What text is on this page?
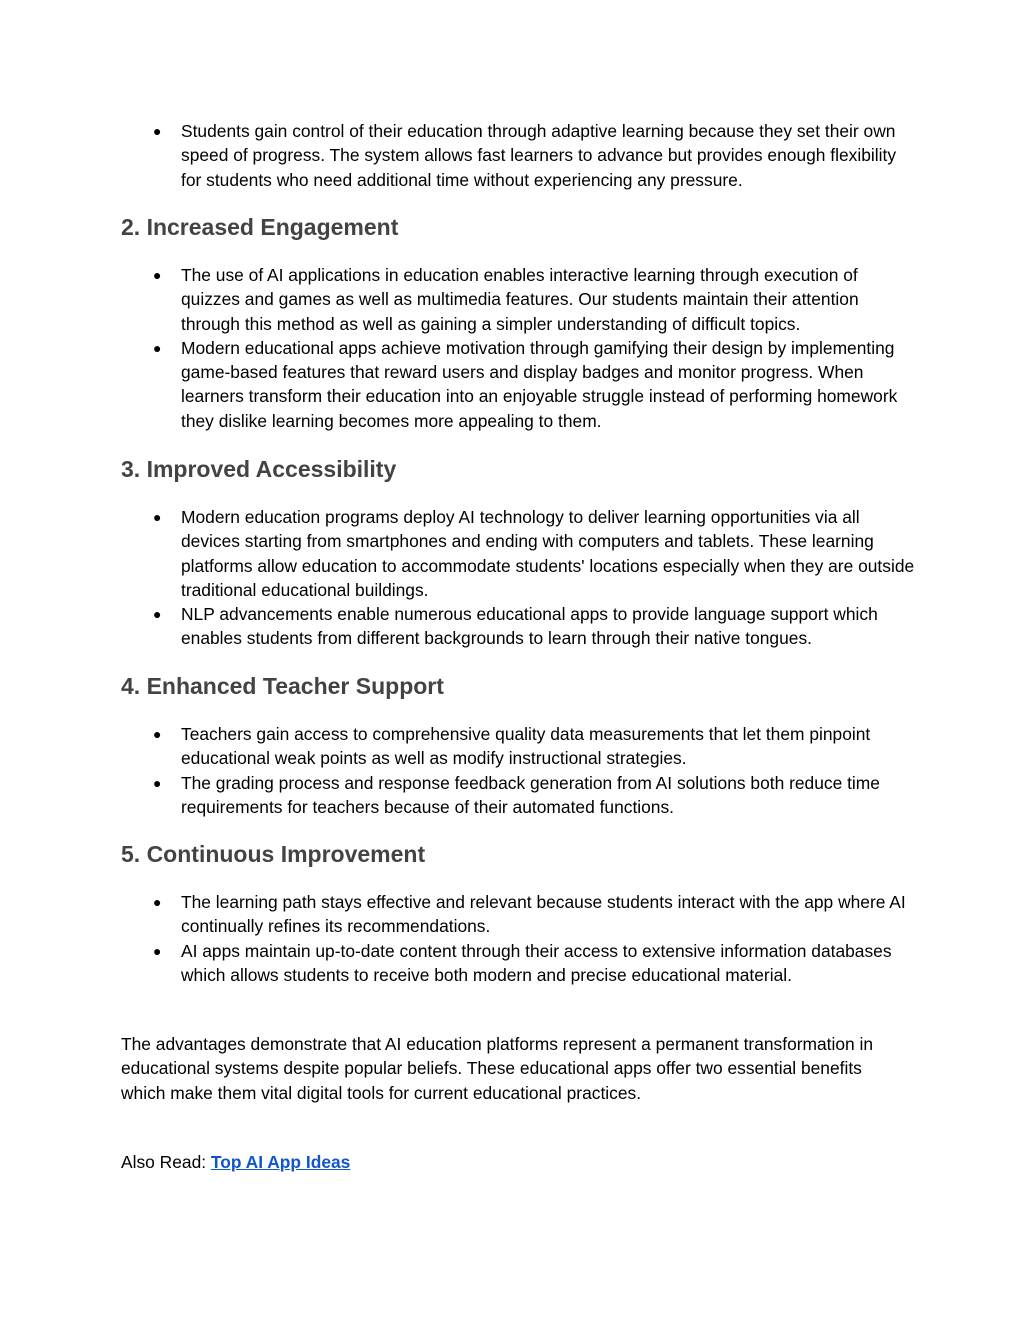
● Students gain control of their education through adaptive learning because they set their own speed of progress. The system allows fast learners to advance but provides enough flexibility for students who need additional time without experiencing any pressure.
2. Increased Engagement
● The use of AI applications in education enables interactive learning through execution of quizzes and games as well as multimedia features. Our students maintain their attention through this method as well as gaining a simpler understanding of difficult topics.
● Modern educational apps achieve motivation through gamifying their design by implementing game-based features that reward users and display badges and monitor progress. When learners transform their education into an enjoyable struggle instead of performing homework they dislike learning becomes more appealing to them.
3. Improved Accessibility
● Modern education programs deploy AI technology to deliver learning opportunities via all devices starting from smartphones and ending with computers and tablets. These learning platforms allow education to accommodate students' locations especially when they are outside traditional educational buildings.
● NLP advancements enable numerous educational apps to provide language support which enables students from different backgrounds to learn through their native tongues.
4. Enhanced Teacher Support
● Teachers gain access to comprehensive quality data measurements that let them pinpoint educational weak points as well as modify instructional strategies.
● The grading process and response feedback generation from AI solutions both reduce time requirements for teachers because of their automated functions.
5. Continuous Improvement
● The learning path stays effective and relevant because students interact with the app where AI continually refines its recommendations.
● AI apps maintain up-to-date content through their access to extensive information databases which allows students to receive both modern and precise educational material.

The advantages demonstrate that AI education platforms represent a permanent transformation in educational systems despite popular beliefs. These educational apps offer two essential benefits which make them vital digital tools for current educational practices.

Also Read: Top AI App Ideas
